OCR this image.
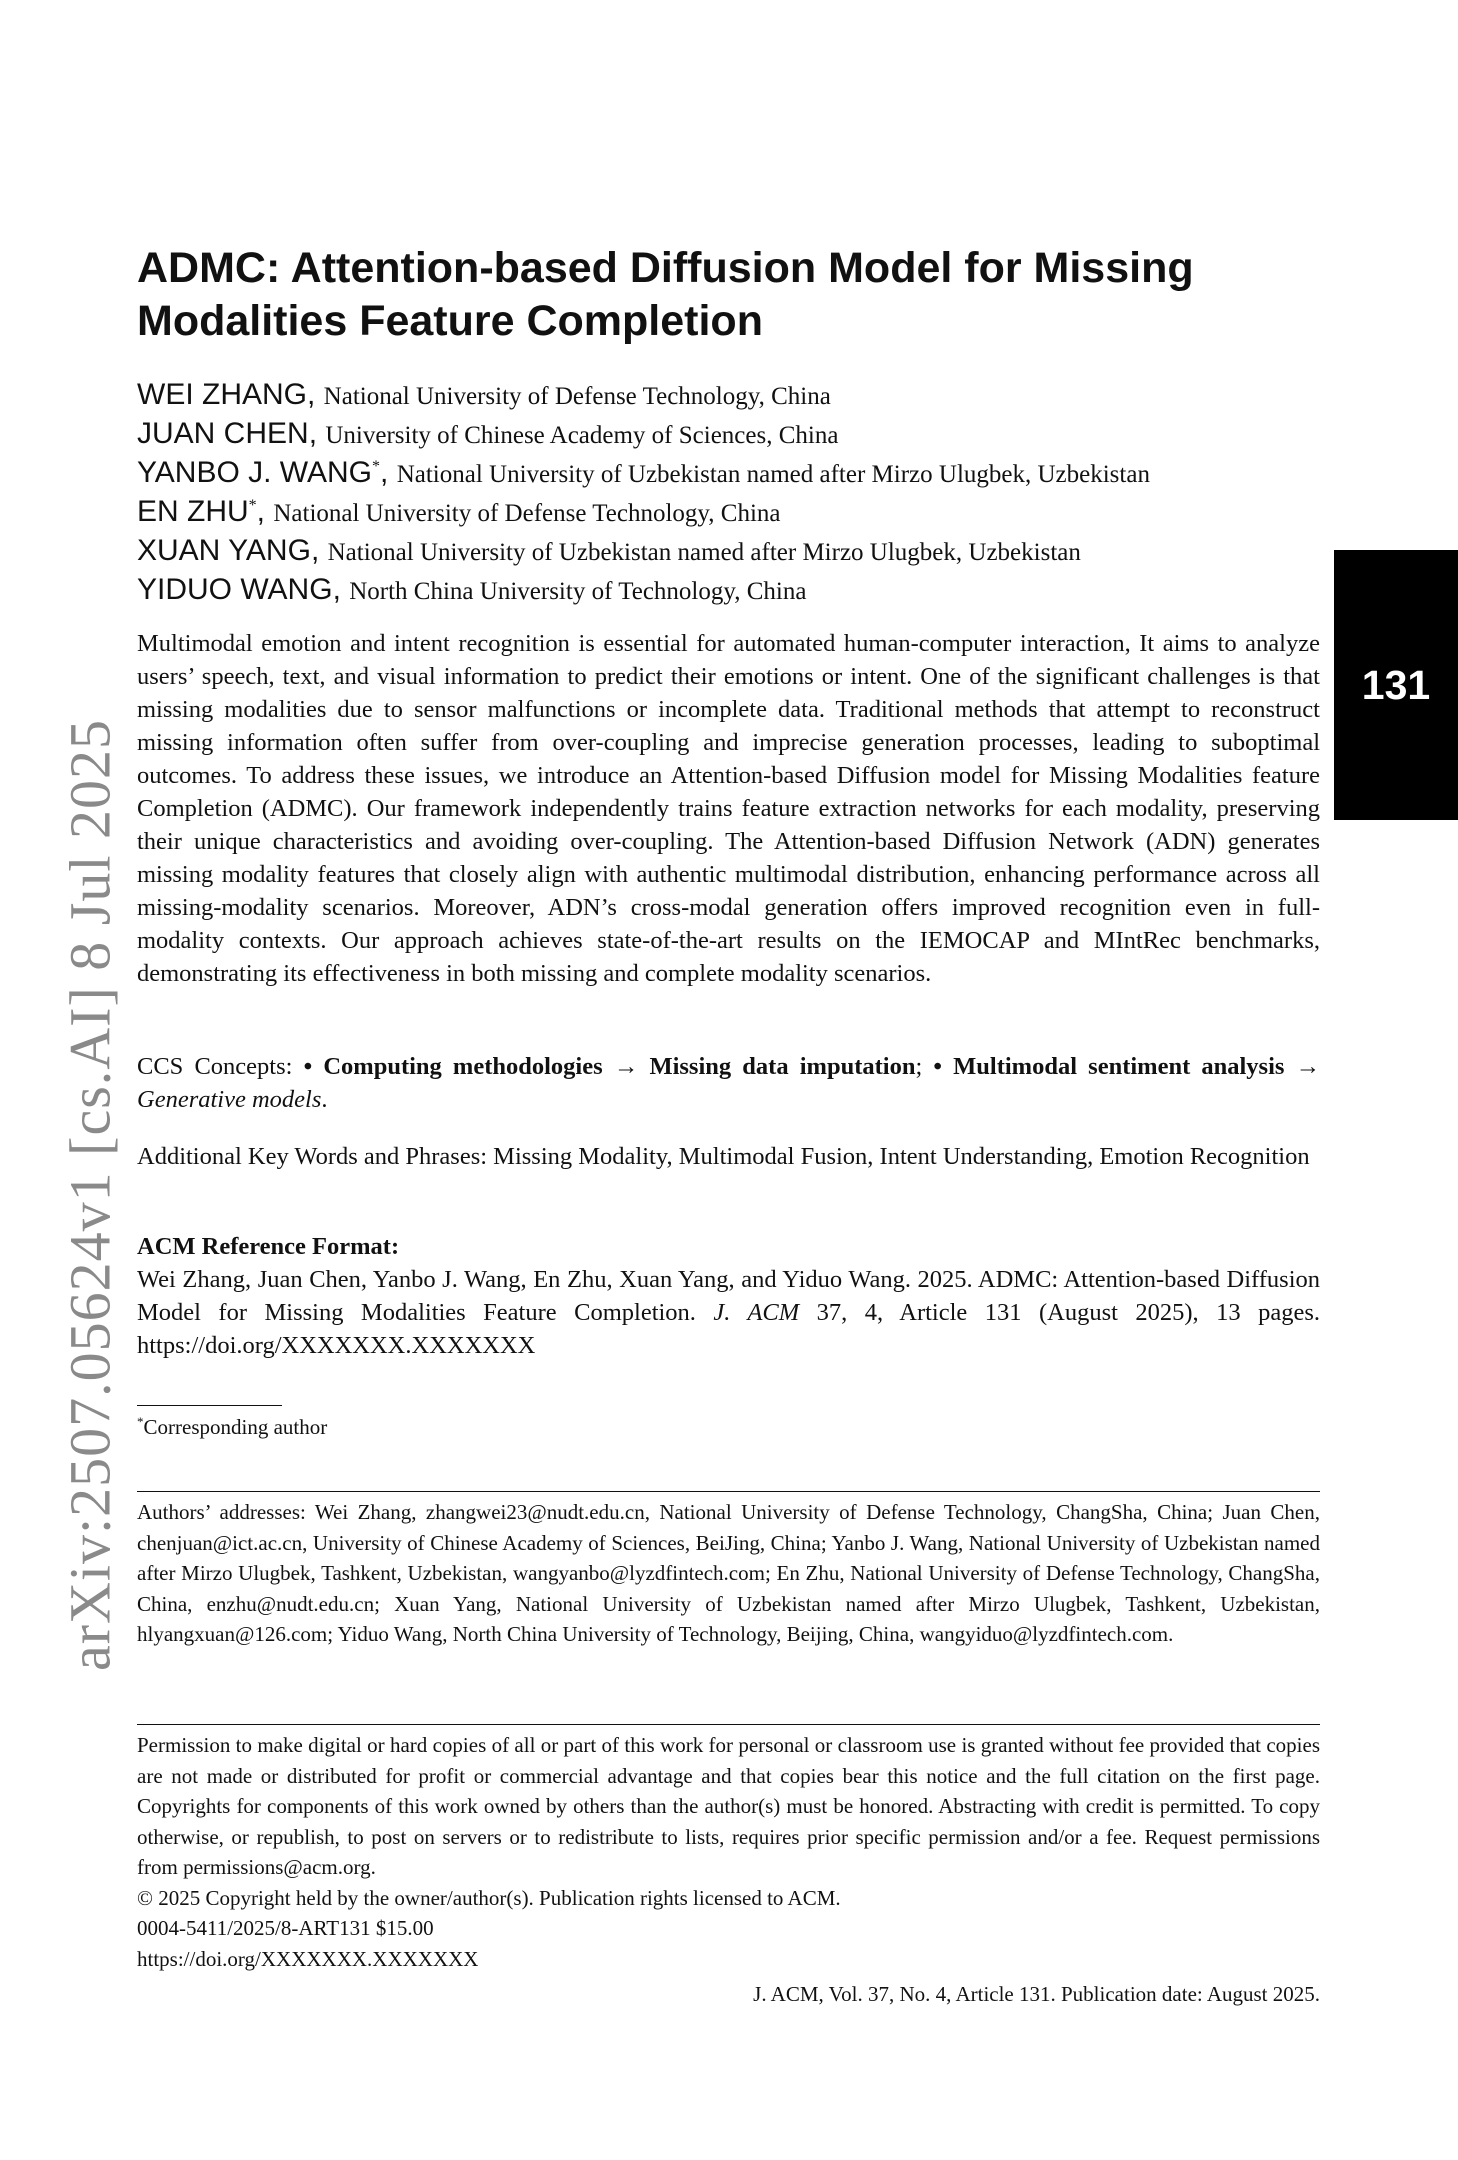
arXiv:2507.05624v1 [cs.AI] 8 Jul 2025
131
ADMC: Attention-based Diffusion Model for Missing Modalities Feature Completion
WEI ZHANG, National University of Defense Technology, China
JUAN CHEN, University of Chinese Academy of Sciences, China
YANBO J. WANG*, National University of Uzbekistan named after Mirzo Ulugbek, Uzbekistan
EN ZHU*, National University of Defense Technology, China
XUAN YANG, National University of Uzbekistan named after Mirzo Ulugbek, Uzbekistan
YIDUO WANG, North China University of Technology, China

Multimodal emotion and intent recognition is essential for automated human-computer interaction, It aims to analyze users’ speech, text, and visual information to predict their emotions or intent. One of the significant challenges is that missing modalities due to sensor malfunctions or incomplete data. Traditional methods that attempt to reconstruct missing information often suffer from over-coupling and imprecise generation processes, leading to suboptimal outcomes. To address these issues, we introduce an Attention-based Diffusion model for Missing Modalities feature Completion (ADMC). Our framework independently trains feature extraction networks for each modality, preserving their unique characteristics and avoiding over-coupling. The Attention-based Diffusion Network (ADN) generates missing modality features that closely align with authentic multimodal distribution, enhancing performance across all missing-modality scenarios. Moreover, ADN’s cross-modal generation offers improved recognition even in full-modality contexts. Our approach achieves state-of-the-art results on the IEMOCAP and MIntRec benchmarks, demonstrating its effectiveness in both missing and complete modality scenarios.

CCS Concepts: • Computing methodologies → Missing data imputation; • Multimodal sentiment analysis → Generative models.

Additional Key Words and Phrases: Missing Modality, Multimodal Fusion, Intent Understanding, Emotion Recognition

ACM Reference Format:

Wei Zhang, Juan Chen, Yanbo J. Wang, En Zhu, Xuan Yang, and Yiduo Wang. 2025. ADMC: Attention-based Diffusion Model for Missing Modalities Feature Completion. J. ACM 37, 4, Article 131 (August 2025), 13 pages. https://doi.org/XXXXXXX.XXXXXXX

*Corresponding author

Authors’ addresses: Wei Zhang, zhangwei23@nudt.edu.cn, National University of Defense Technology, ChangSha, China; Juan Chen, chenjuan@ict.ac.cn, University of Chinese Academy of Sciences, BeiJing, China; Yanbo J. Wang, National University of Uzbekistan named after Mirzo Ulugbek, Tashkent, Uzbekistan, wangyanbo@lyzdfintech.com; En Zhu, National University of Defense Technology, ChangSha, China, enzhu@nudt.edu.cn; Xuan Yang, National University of Uzbekistan named after Mirzo Ulugbek, Tashkent, Uzbekistan, hlyangxuan@126.com; Yiduo Wang, North China University of Technology, Beijing, China, wangyiduo@lyzdfintech.com.

Permission to make digital or hard copies of all or part of this work for personal or classroom use is granted without fee provided that copies are not made or distributed for profit or commercial advantage and that copies bear this notice and the full citation on the first page. Copyrights for components of this work owned by others than the author(s) must be honored. Abstracting with credit is permitted. To copy otherwise, or republish, to post on servers or to redistribute to lists, requires prior specific permission and/or a fee. Request permissions from permissions@acm.org.

© 2025 Copyright held by the owner/author(s). Publication rights licensed to ACM.

0004-5411/2025/8-ART131 $15.00

https://doi.org/XXXXXXX.XXXXXXX

J. ACM, Vol. 37, No. 4, Article 131. Publication date: August 2025.
